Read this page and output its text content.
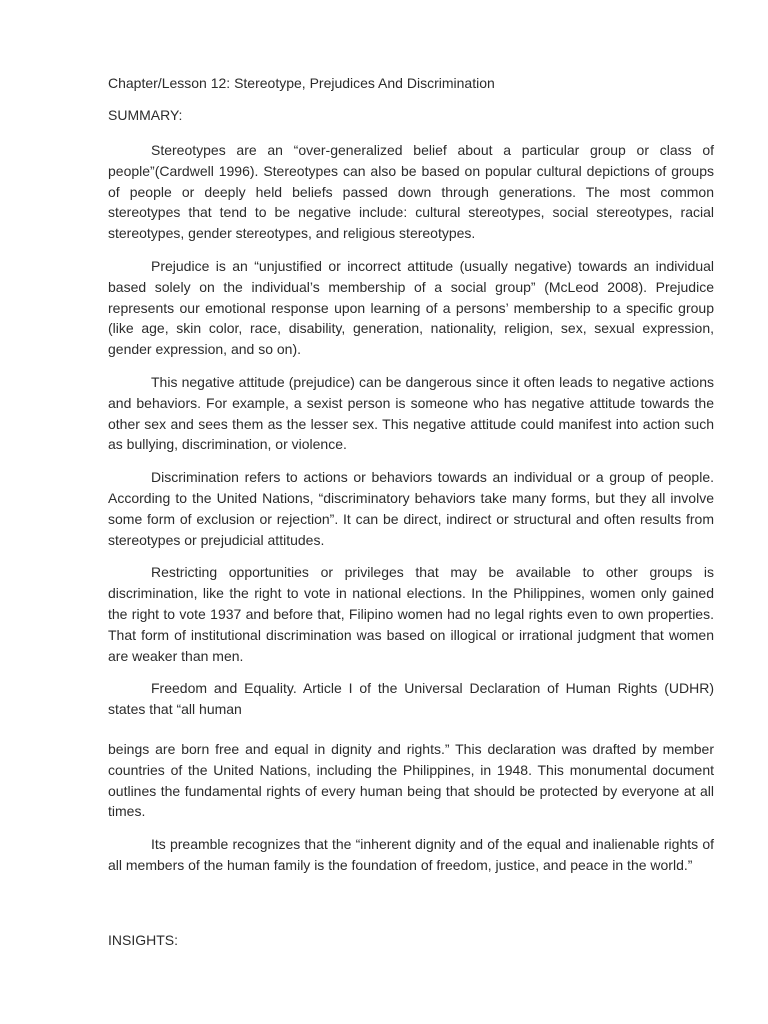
Chapter/Lesson 12: Stereotype, Prejudices And Discrimination

SUMMARY:

Stereotypes are an “over-generalized belief about a particular group or class of people”(Cardwell 1996). Stereotypes can also be based on popular cultural depictions of groups of people or deeply held beliefs passed down through generations. The most common stereotypes that tend to be negative include: cultural stereotypes, social stereotypes, racial stereotypes, gender stereotypes, and religious stereotypes.

Prejudice is an “unjustified or incorrect attitude (usually negative) towards an individual based solely on the individual’s membership of a social group” (McLeod 2008). Prejudice represents our emotional response upon learning of a persons’ membership to a specific group (like age, skin color, race, disability, generation, nationality, religion, sex, sexual expression, gender expression, and so on).

This negative attitude (prejudice) can be dangerous since it often leads to negative actions and behaviors. For example, a sexist person is someone who has negative attitude towards the other sex and sees them as the lesser sex. This negative attitude could manifest into action such as bullying, discrimination, or violence.

Discrimination refers to actions or behaviors towards an individual or a group of people. According to the United Nations, “discriminatory behaviors take many forms, but they all involve some form of exclusion or rejection”. It can be direct, indirect or structural and often results from stereotypes or prejudicial attitudes.

Restricting opportunities or privileges that may be available to other groups is discrimination, like the right to vote in national elections. In the Philippines, women only gained the right to vote 1937 and before that, Filipino women had no legal rights even to own properties. That form of institutional discrimination was based on illogical or irrational judgment that women are weaker than men.

Freedom and Equality. Article I of the Universal Declaration of Human Rights (UDHR) states that “all human

beings are born free and equal in dignity and rights.” This declaration was drafted by member countries of the United Nations, including the Philippines, in 1948. This monumental document outlines the fundamental rights of every human being that should be protected by everyone at all times.

Its preamble recognizes that the “inherent dignity and of the equal and inalienable rights of all members of the human family is the foundation of freedom, justice, and peace in the world.”

INSIGHTS:
